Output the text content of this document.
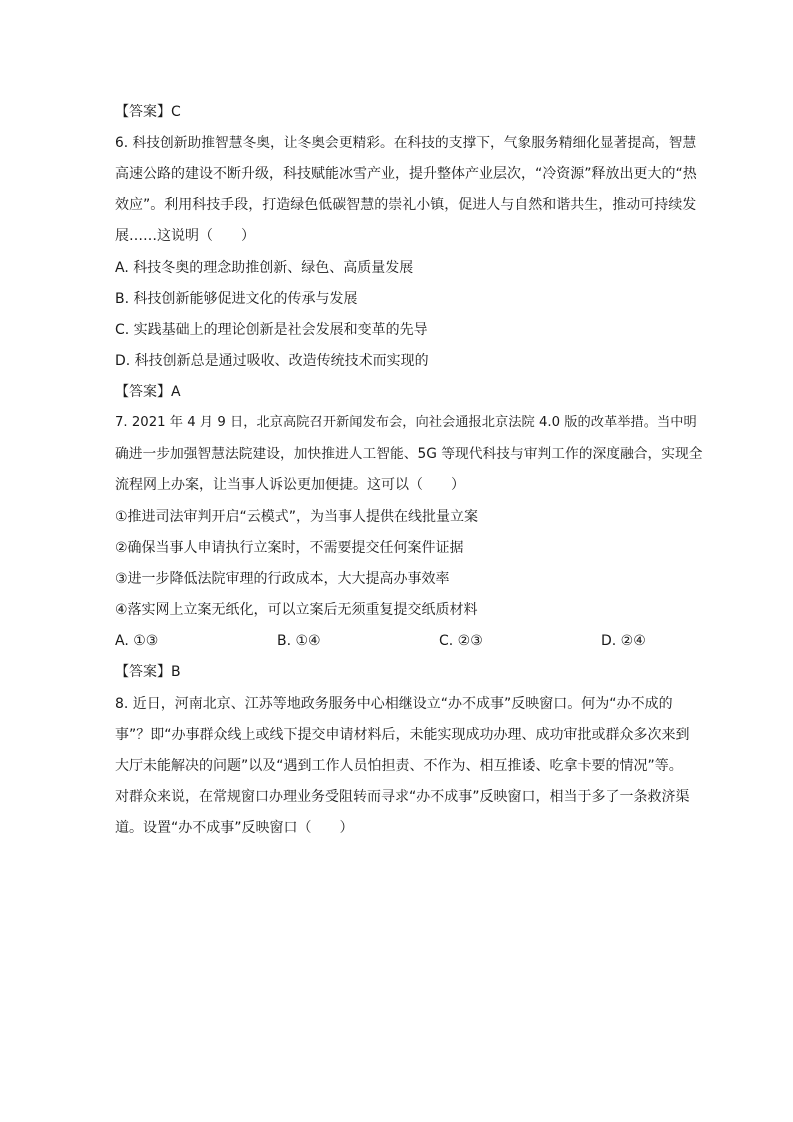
【答案】C
6. 科技创新助推智慧冬奥，让冬奥会更精彩。在科技的支撑下，气象服务精细化显著提高，智慧
高速公路的建设不断升级，科技赋能冰雪产业，提升整体产业层次，“冷资源”释放出更大的“热
效应”。利用科技手段，打造绿色低碳智慧的崇礼小镇，促进人与自然和谐共生，推动可持续发
展……这说明（　　）
A. 科技冬奥的理念助推创新、绿色、高质量发展
B. 科技创新能够促进文化的传承与发展
C. 实践基础上的理论创新是社会发展和变革的先导
D. 科技创新总是通过吸收、改造传统技术而实现的
【答案】A
7. 2021 年 4 月 9 日，北京高院召开新闻发布会，向社会通报北京法院 4.0 版的改革举措。当中明
确进一步加强智慧法院建设，加快推进人工智能、5G 等现代科技与审判工作的深度融合，实现全
流程网上办案，让当事人诉讼更加便捷。这可以（　　）
①推进司法审判开启“云模式”，为当事人提供在线批量立案
②确保当事人申请执行立案时，不需要提交任何案件证据
③进一步降低法院审理的行政成本，大大提高办事效率
④落实网上立案无纸化，可以立案后无须重复提交纸质材料
A. ①③	B. ①④	C. ②③	D. ②④
【答案】B
8. 近日，河南北京、江苏等地政务服务中心相继设立“办不成事”反映窗口。何为“办不成的
事”？即“办事群众线上或线下提交申请材料后，未能实现成功办理、成功审批或群众多次来到
大厅未能解决的问题”以及“遇到工作人员怕担责、不作为、相互推诿、吃拿卡要的情况”等。
对群众来说，在常规窗口办理业务受阻转而寻求“办不成事”反映窗口，相当于多了一条救济渠
道。设置“办不成事”反映窗口（　　）
